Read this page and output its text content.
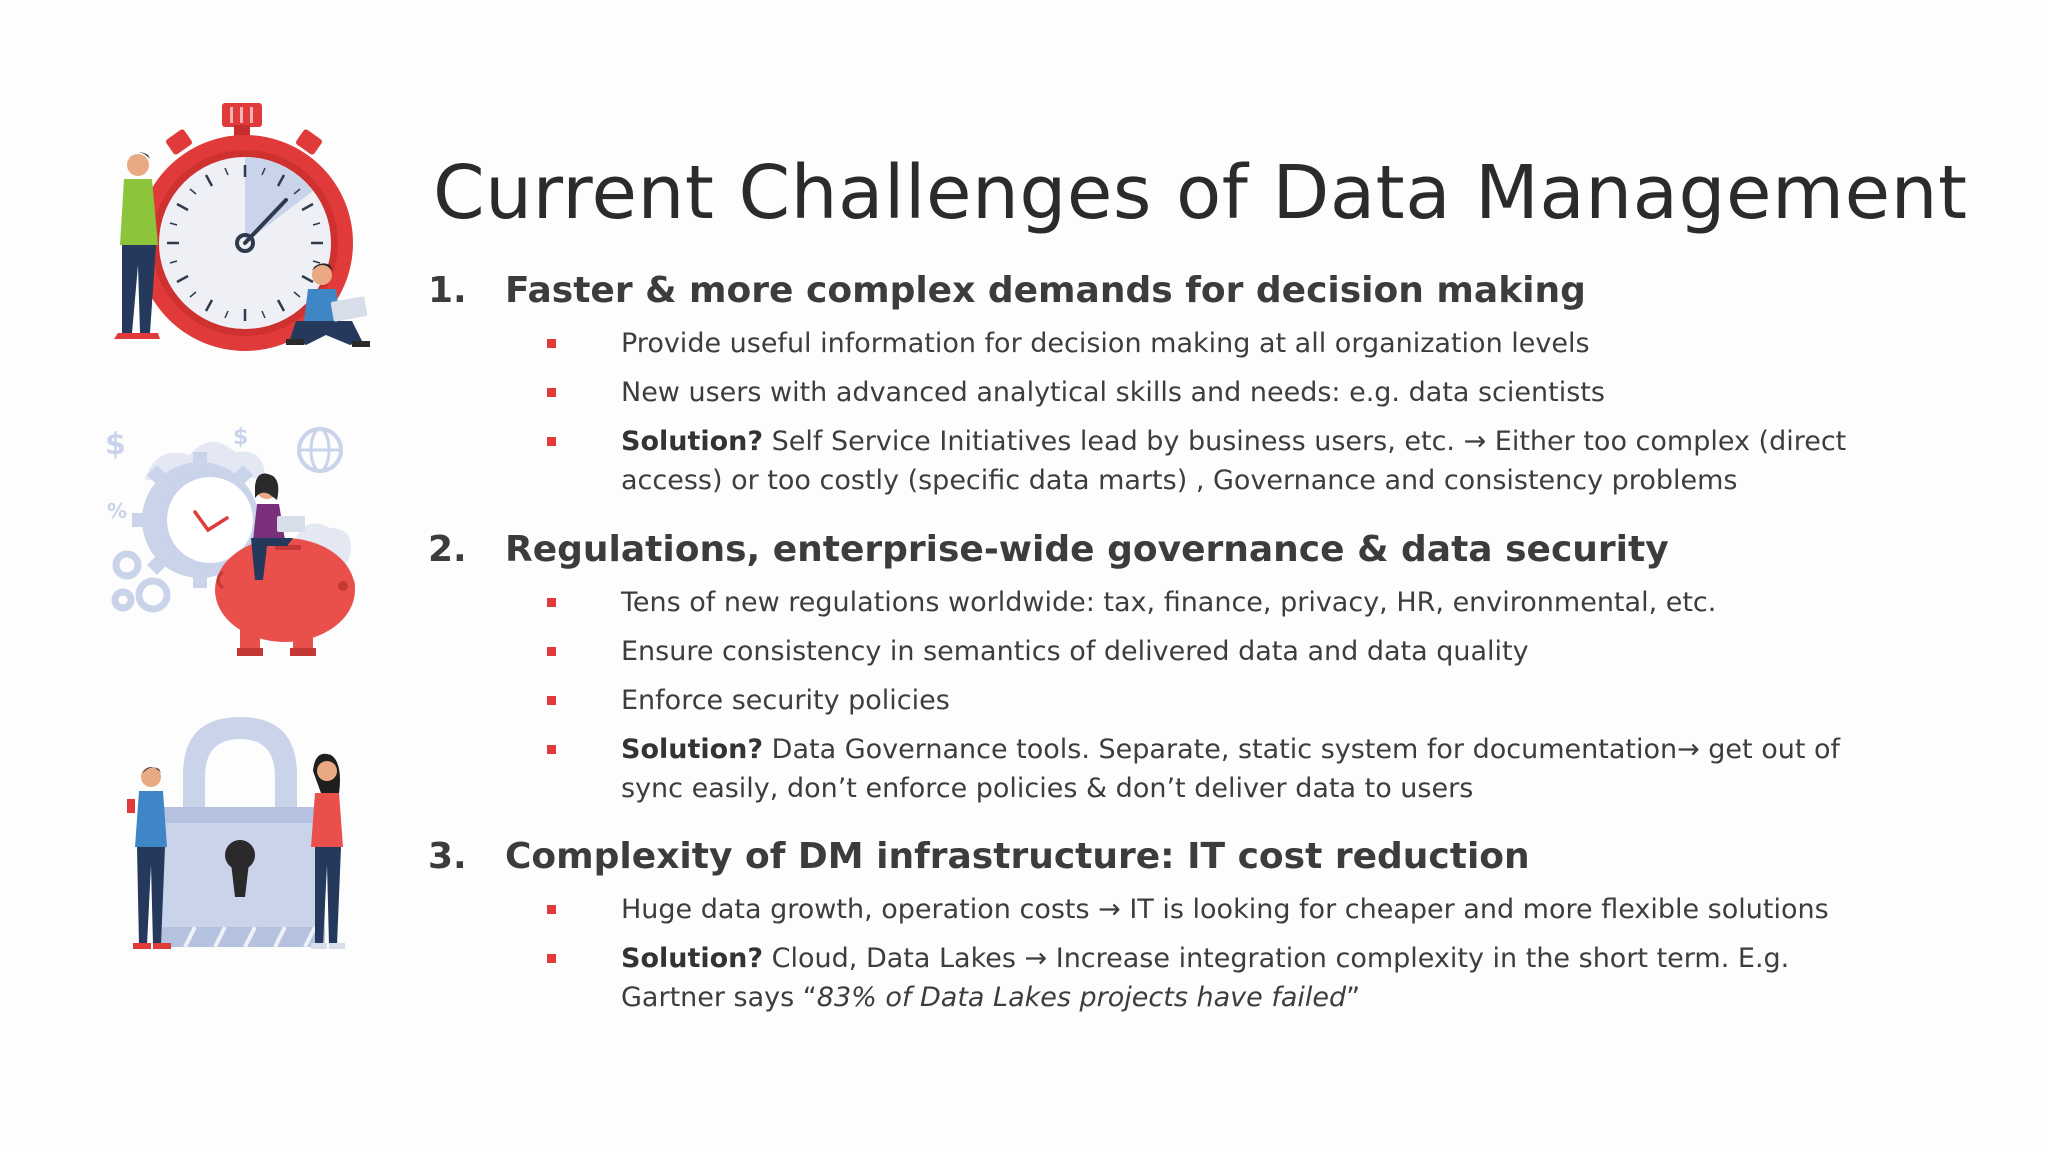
$	$
%
Current Challenges of Data Management
1.	Faster & more complex demands for decision making
Provide useful information for decision making at all organization levels
New users with advanced analytical skills and needs: e.g. data scientists
Solution? Self Service Initiatives lead by business users, etc. → Either too complex (direct access) or too costly (specific data marts) , Governance and consistency problems
2.	Regulations, enterprise-wide governance & data security
Tens of new regulations worldwide: tax, finance, privacy, HR, environmental, etc.
Ensure consistency in semantics of delivered data and data quality
Enforce security policies
Solution? Data Governance tools. Separate, static system for documentation→ get out of sync easily, don’t enforce policies & don’t deliver data to users
3.	Complexity of DM infrastructure: IT cost reduction
Huge data growth, operation costs → IT is looking for cheaper and more flexible solutions
Solution? Cloud, Data Lakes → Increase integration complexity in the short term. E.g. Gartner says “83% of Data Lakes projects have failed”
